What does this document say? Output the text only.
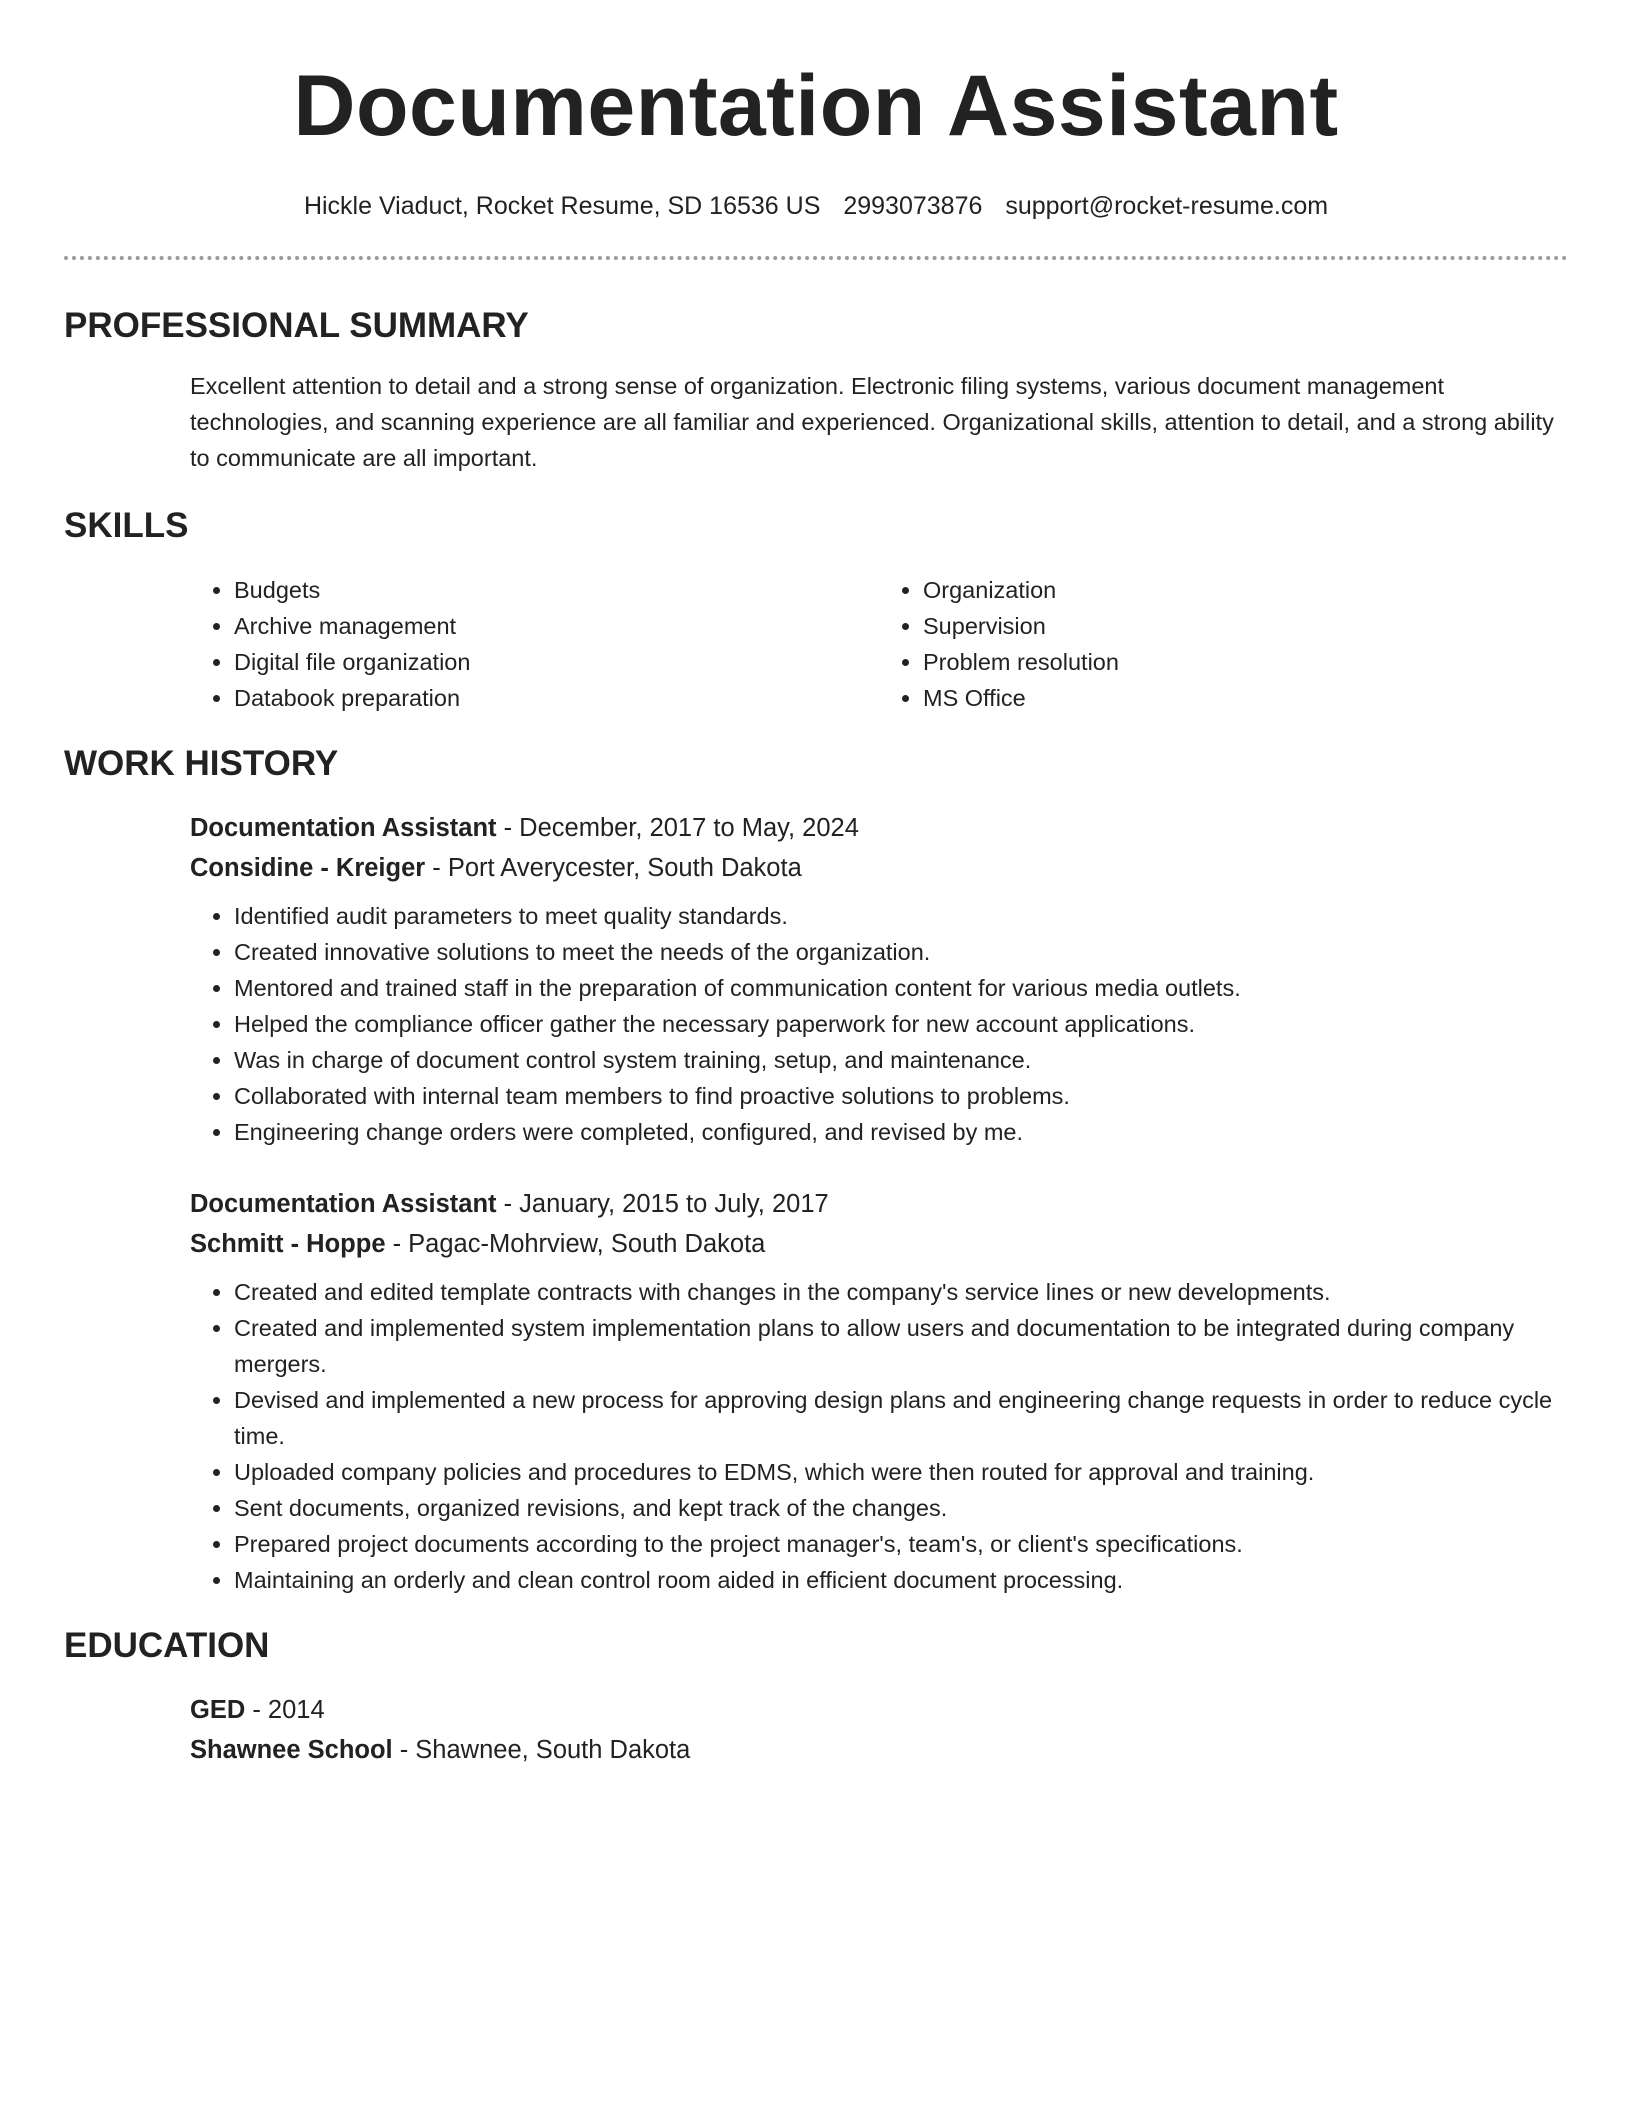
Documentation Assistant
Hickle Viaduct, Rocket Resume, SD 16536 US 2993073876 support@rocket-resume.com
PROFESSIONAL SUMMARY

Excellent attention to detail and a strong sense of organization. Electronic filing systems, various document management technologies, and scanning experience are all familiar and experienced. Organizational skills, attention to detail, and a strong ability to communicate are all important.

SKILLS
• Budgets
• Archive management
• Digital file organization
• Databook preparation
• Organization
• Supervision
• Problem resolution
• MS Office
WORK HISTORY
Documentation Assistant - December, 2017 to May, 2024
Considine - Kreiger - Port Averycester, South Dakota
• Identified audit parameters to meet quality standards.
• Created innovative solutions to meet the needs of the organization.
• Mentored and trained staff in the preparation of communication content for various media outlets.
• Helped the compliance officer gather the necessary paperwork for new account applications.
• Was in charge of document control system training, setup, and maintenance.
• Collaborated with internal team members to find proactive solutions to problems.
• Engineering change orders were completed, configured, and revised by me.
Documentation Assistant - January, 2015 to July, 2017
Schmitt - Hoppe - Pagac-Mohrview, South Dakota
• Created and edited template contracts with changes in the company's service lines or new developments.
• Created and implemented system implementation plans to allow users and documentation to be integrated during company mergers.
• Devised and implemented a new process for approving design plans and engineering change requests in order to reduce cycle time.
• Uploaded company policies and procedures to EDMS, which were then routed for approval and training.
• Sent documents, organized revisions, and kept track of the changes.
• Prepared project documents according to the project manager's, team's, or client's specifications.
• Maintaining an orderly and clean control room aided in efficient document processing.
EDUCATION
GED - 2014
Shawnee School - Shawnee, South Dakota
